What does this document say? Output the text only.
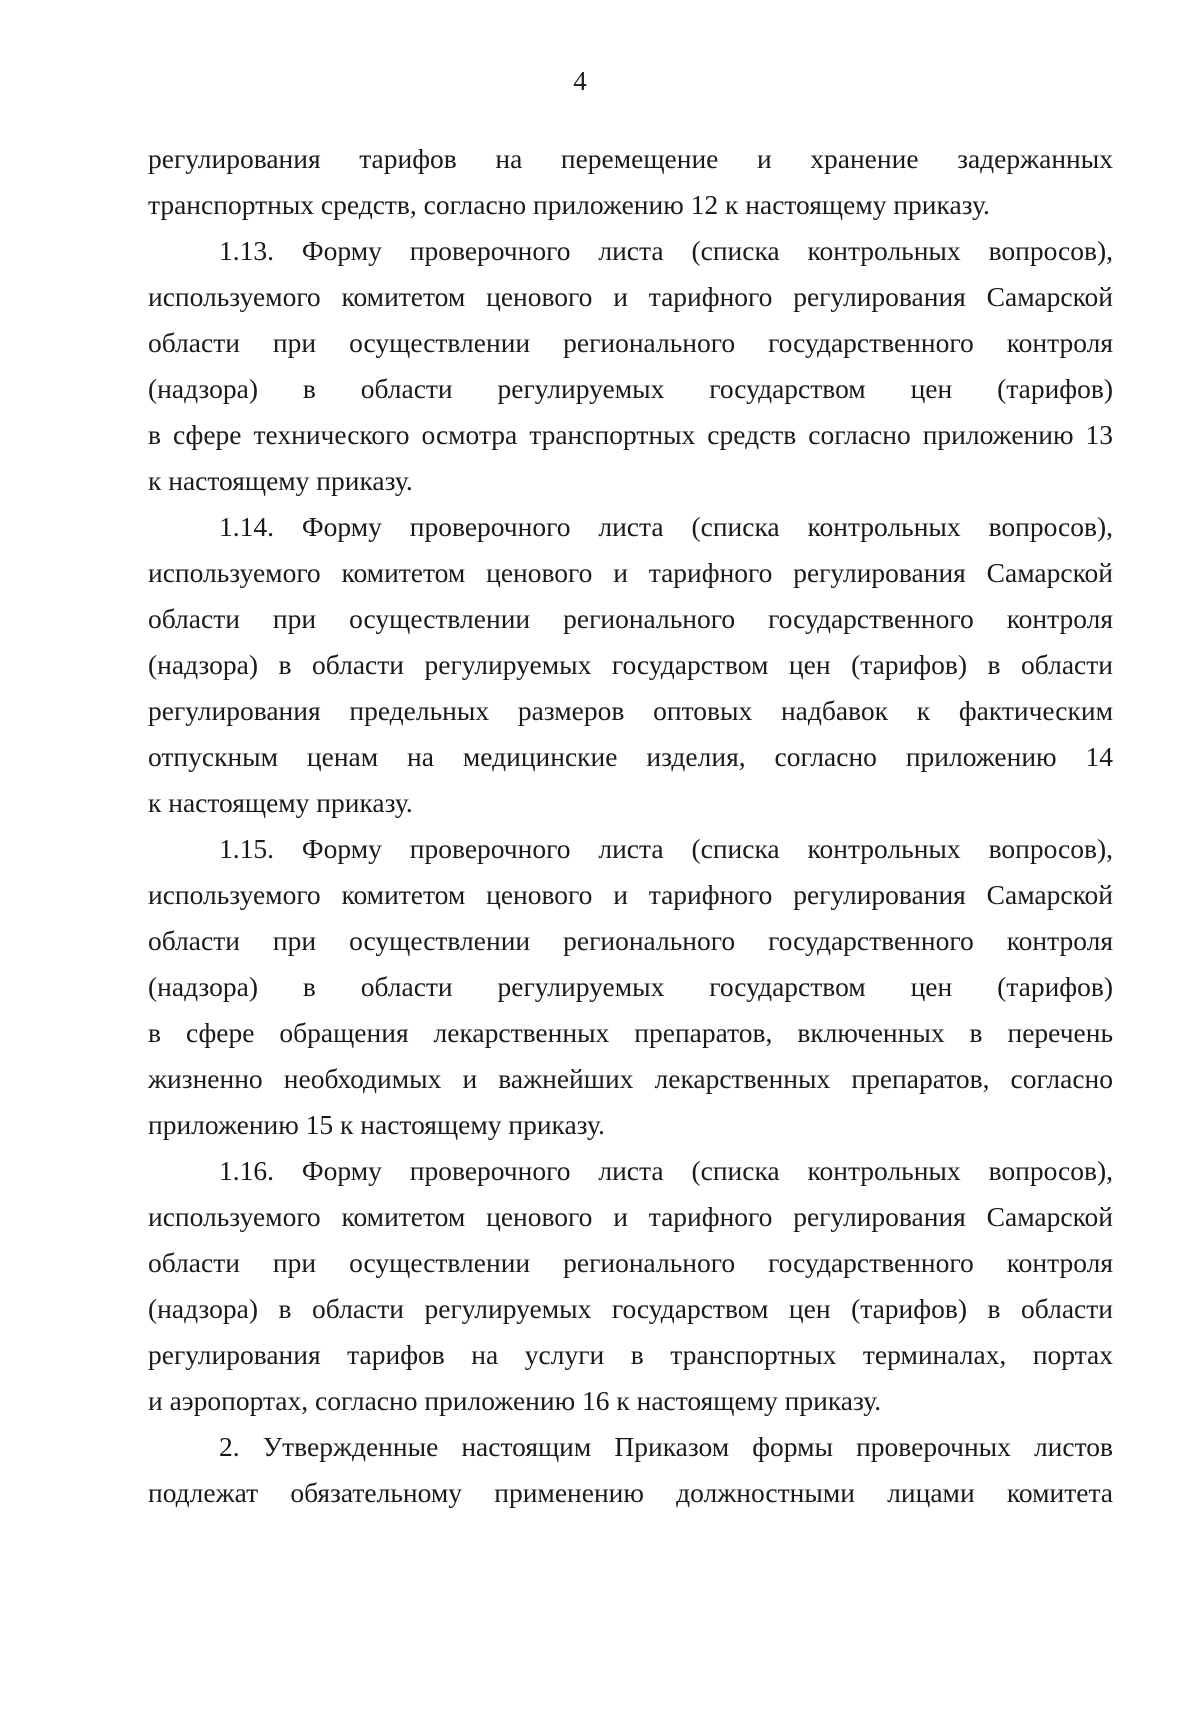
4

регулирования тарифов на перемещение и хранение задержанных
транспортных средств, согласно приложению 12 к настоящему приказу.

1.13. Форму проверочного листа (списка контрольных вопросов),
используемого комитетом ценового и тарифного регулирования Самарской
области при осуществлении регионального государственного контроля
(надзора) в области регулируемых государством цен (тарифов)
в сфере технического осмотра транспортных средств согласно приложению 13
к настоящему приказу.

1.14. Форму проверочного листа (списка контрольных вопросов),
используемого комитетом ценового и тарифного регулирования Самарской
области при осуществлении регионального государственного контроля
(надзора) в области регулируемых государством цен (тарифов) в области
регулирования предельных размеров оптовых надбавок к фактическим
отпускным ценам на медицинские изделия, согласно приложению 14
к настоящему приказу.

1.15. Форму проверочного листа (списка контрольных вопросов),
используемого комитетом ценового и тарифного регулирования Самарской
области при осуществлении регионального государственного контроля
(надзора) в области регулируемых государством цен (тарифов)
в сфере обращения лекарственных препаратов, включенных в перечень
жизненно необходимых и важнейших лекарственных препаратов, согласно
приложению 15 к настоящему приказу.

1.16. Форму проверочного листа (списка контрольных вопросов),
используемого комитетом ценового и тарифного регулирования Самарской
области при осуществлении регионального государственного контроля
(надзора) в области регулируемых государством цен (тарифов) в области
регулирования тарифов на услуги в транспортных терминалах, портах
и аэропортах, согласно приложению 16 к настоящему приказу.

2. Утвержденные настоящим Приказом формы проверочных листов
подлежат обязательному применению должностными лицами комитета
